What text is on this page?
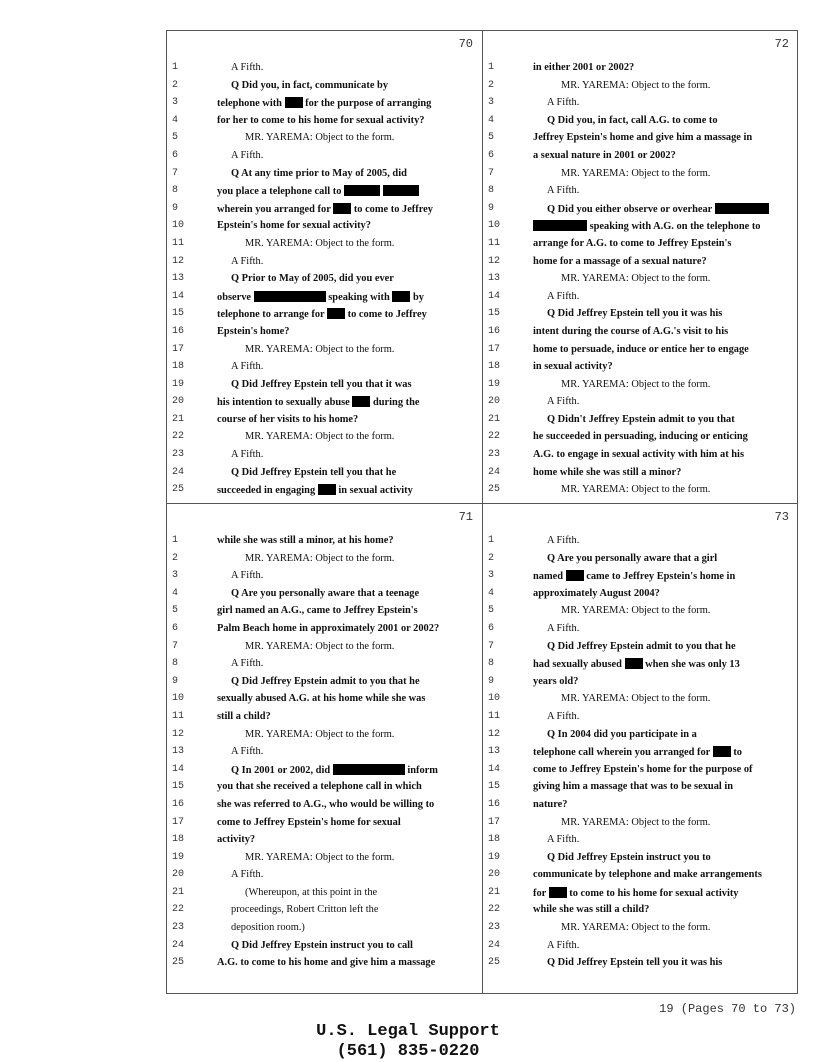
70
1	A Fifth.
2	Q Did you, in fact, communicate by
3	telephone with  for the purpose of arranging
4	for her to come to his home for sexual activity?
5	MR. YAREMA: Object to the form.
6	A Fifth.
7	Q At any time prior to May of 2005, did
8	you place a telephone call to
9	wherein you arranged for  to come to Jeffrey
10	Epstein's home for sexual activity?
11	MR. YAREMA: Object to the form.
12	A Fifth.
13	Q Prior to May of 2005, did you ever
14	observe	speaking with  by
15	telephone to arrange for  to come to Jeffrey
16	Epstein's home?
17	MR. YAREMA: Object to the form.
18	A Fifth.
19	Q Did Jeffrey Epstein tell you that it was
20	his intention to sexually abuse  during the
21	course of her visits to his home?
22	MR. YAREMA: Object to the form.
23	A Fifth.
24	Q Did Jeffrey Epstein tell you that he
25	succeeded in engaging  in sexual activity
72
1	in either 2001 or 2002?
2	MR. YAREMA: Object to the form.
3	A Fifth.
4	Q Did you, in fact, call A.G. to come to
5	Jeffrey Epstein's home and give him a massage in
6	a sexual nature in 2001 or 2002?
7	MR. YAREMA: Object to the form.
8	A Fifth.
9	Q Did you either observe or overhear
10	speaking with A.G. on the telephone to
11	arrange for A.G. to come to Jeffrey Epstein's
12	home for a massage of a sexual nature?
13	MR. YAREMA: Object to the form.
14	A Fifth.
15	Q Did Jeffrey Epstein tell you it was his
16	intent during the course of A.G.'s visit to his
17	home to persuade, induce or entice her to engage
18	in sexual activity?
19	MR. YAREMA: Object to the form.
20	A Fifth.
21	Q Didn't Jeffrey Epstein admit to you that
22	he succeeded in persuading, inducing or enticing
23	A.G. to engage in sexual activity with him at his
24	home while she was still a minor?
25	MR. YAREMA: Object to the form.
71
1	while she was still a minor, at his home?
2	MR. YAREMA: Object to the form.
3	A Fifth.
4	Q Are you personally aware that a teenage
5	girl named an A.G., came to Jeffrey Epstein's
6	Palm Beach home in approximately 2001 or 2002?
7	MR. YAREMA: Object to the form.
8	A Fifth.
9	Q Did Jeffrey Epstein admit to you that he
10	sexually abused A.G. at his home while she was
11	still a child?
12	MR. YAREMA: Object to the form.
13	A Fifth.
14	Q In 2001 or 2002, did	inform
15	you that she received a telephone call in which
16	she was referred to A.G., who would be willing to
17	come to Jeffrey Epstein's home for sexual
18	activity?
19	MR. YAREMA: Object to the form.
20	A Fifth.
21	(Whereupon, at this point in the
22	proceedings, Robert Critton left the
23	deposition room.)
24	Q Did Jeffrey Epstein instruct you to call
25	A.G. to come to his home and give him a massage
73
1	A Fifth.
2	Q Are you personally aware that a girl
3	named  came to Jeffrey Epstein's home in
4	approximately August 2004?
5	MR. YAREMA: Object to the form.
6	A Fifth.
7	Q Did Jeffrey Epstein admit to you that he
8	had sexually abused  when she was only 13
9	years old?
10	MR. YAREMA: Object to the form.
11	A Fifth.
12	Q In 2004 did you participate in a
13	telephone call wherein you arranged for  to
14	come to Jeffrey Epstein's home for the purpose of
15	giving him a massage that was to be sexual in
16	nature?
17	MR. YAREMA: Object to the form.
18	A Fifth.
19	Q Did Jeffrey Epstein instruct you to
20	communicate by telephone and make arrangements
21	for  to come to his home for sexual activity
22	while she was still a child?
23	MR. YAREMA: Object to the form.
24	A Fifth.
25	Q Did Jeffrey Epstein tell you it was his
19 (Pages 70 to 73)
U.S. Legal Support
(561) 835-0220
